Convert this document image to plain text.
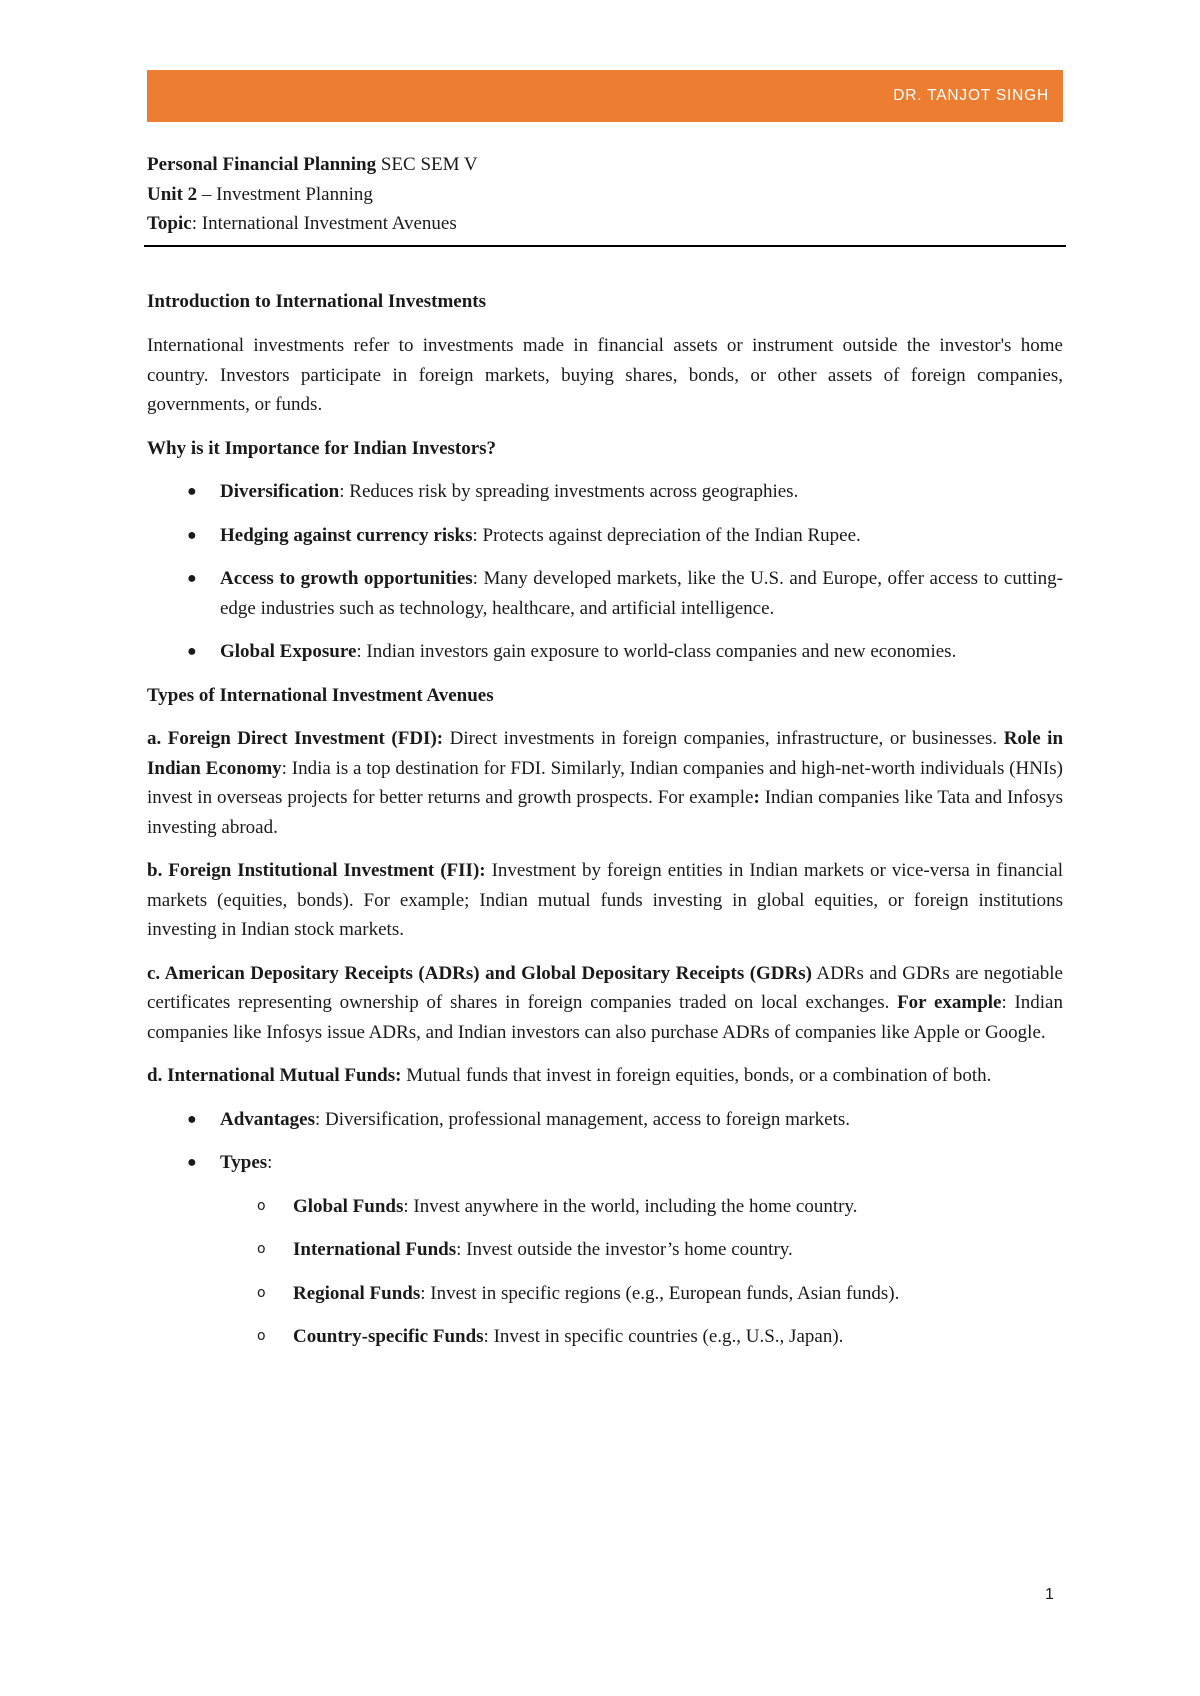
DR. TANJOT SINGH

Personal Financial Planning SEC SEM V

Unit 2 – Investment Planning

Topic: International Investment Avenues

Introduction to International Investments

International investments refer to investments made in financial assets or instrument outside the investor's home country. Investors participate in foreign markets, buying shares, bonds, or other assets of foreign companies, governments, or funds.

Why is it Importance for Indian Investors?

● Diversification: Reduces risk by spreading investments across geographies.
● Hedging against currency risks: Protects against depreciation of the Indian Rupee.
● Access to growth opportunities: Many developed markets, like the U.S. and Europe, offer access to cutting-edge industries such as technology, healthcare, and artificial intelligence.
● Global Exposure: Indian investors gain exposure to world-class companies and new economies.

Types of International Investment Avenues

a. Foreign Direct Investment (FDI): Direct investments in foreign companies, infrastructure, or businesses. Role in Indian Economy: India is a top destination for FDI. Similarly, Indian companies and high-net-worth individuals (HNIs) invest in overseas projects for better returns and growth prospects. For example: Indian companies like Tata and Infosys investing abroad.

b. Foreign Institutional Investment (FII): Investment by foreign entities in Indian markets or vice-versa in financial markets (equities, bonds). For example; Indian mutual funds investing in global equities, or foreign institutions investing in Indian stock markets.

c. American Depositary Receipts (ADRs) and Global Depositary Receipts (GDRs) ADRs and GDRs are negotiable certificates representing ownership of shares in foreign companies traded on local exchanges. For example: Indian companies like Infosys issue ADRs, and Indian investors can also purchase ADRs of companies like Apple or Google.

d. International Mutual Funds: Mutual funds that invest in foreign equities, bonds, or a combination of both.

● Advantages: Diversification, professional management, access to foreign markets.
● Types:
o Global Funds: Invest anywhere in the world, including the home country.
o International Funds: Invest outside the investor’s home country.
o Regional Funds: Invest in specific regions (e.g., European funds, Asian funds).
o Country-specific Funds: Invest in specific countries (e.g., U.S., Japan).
1
